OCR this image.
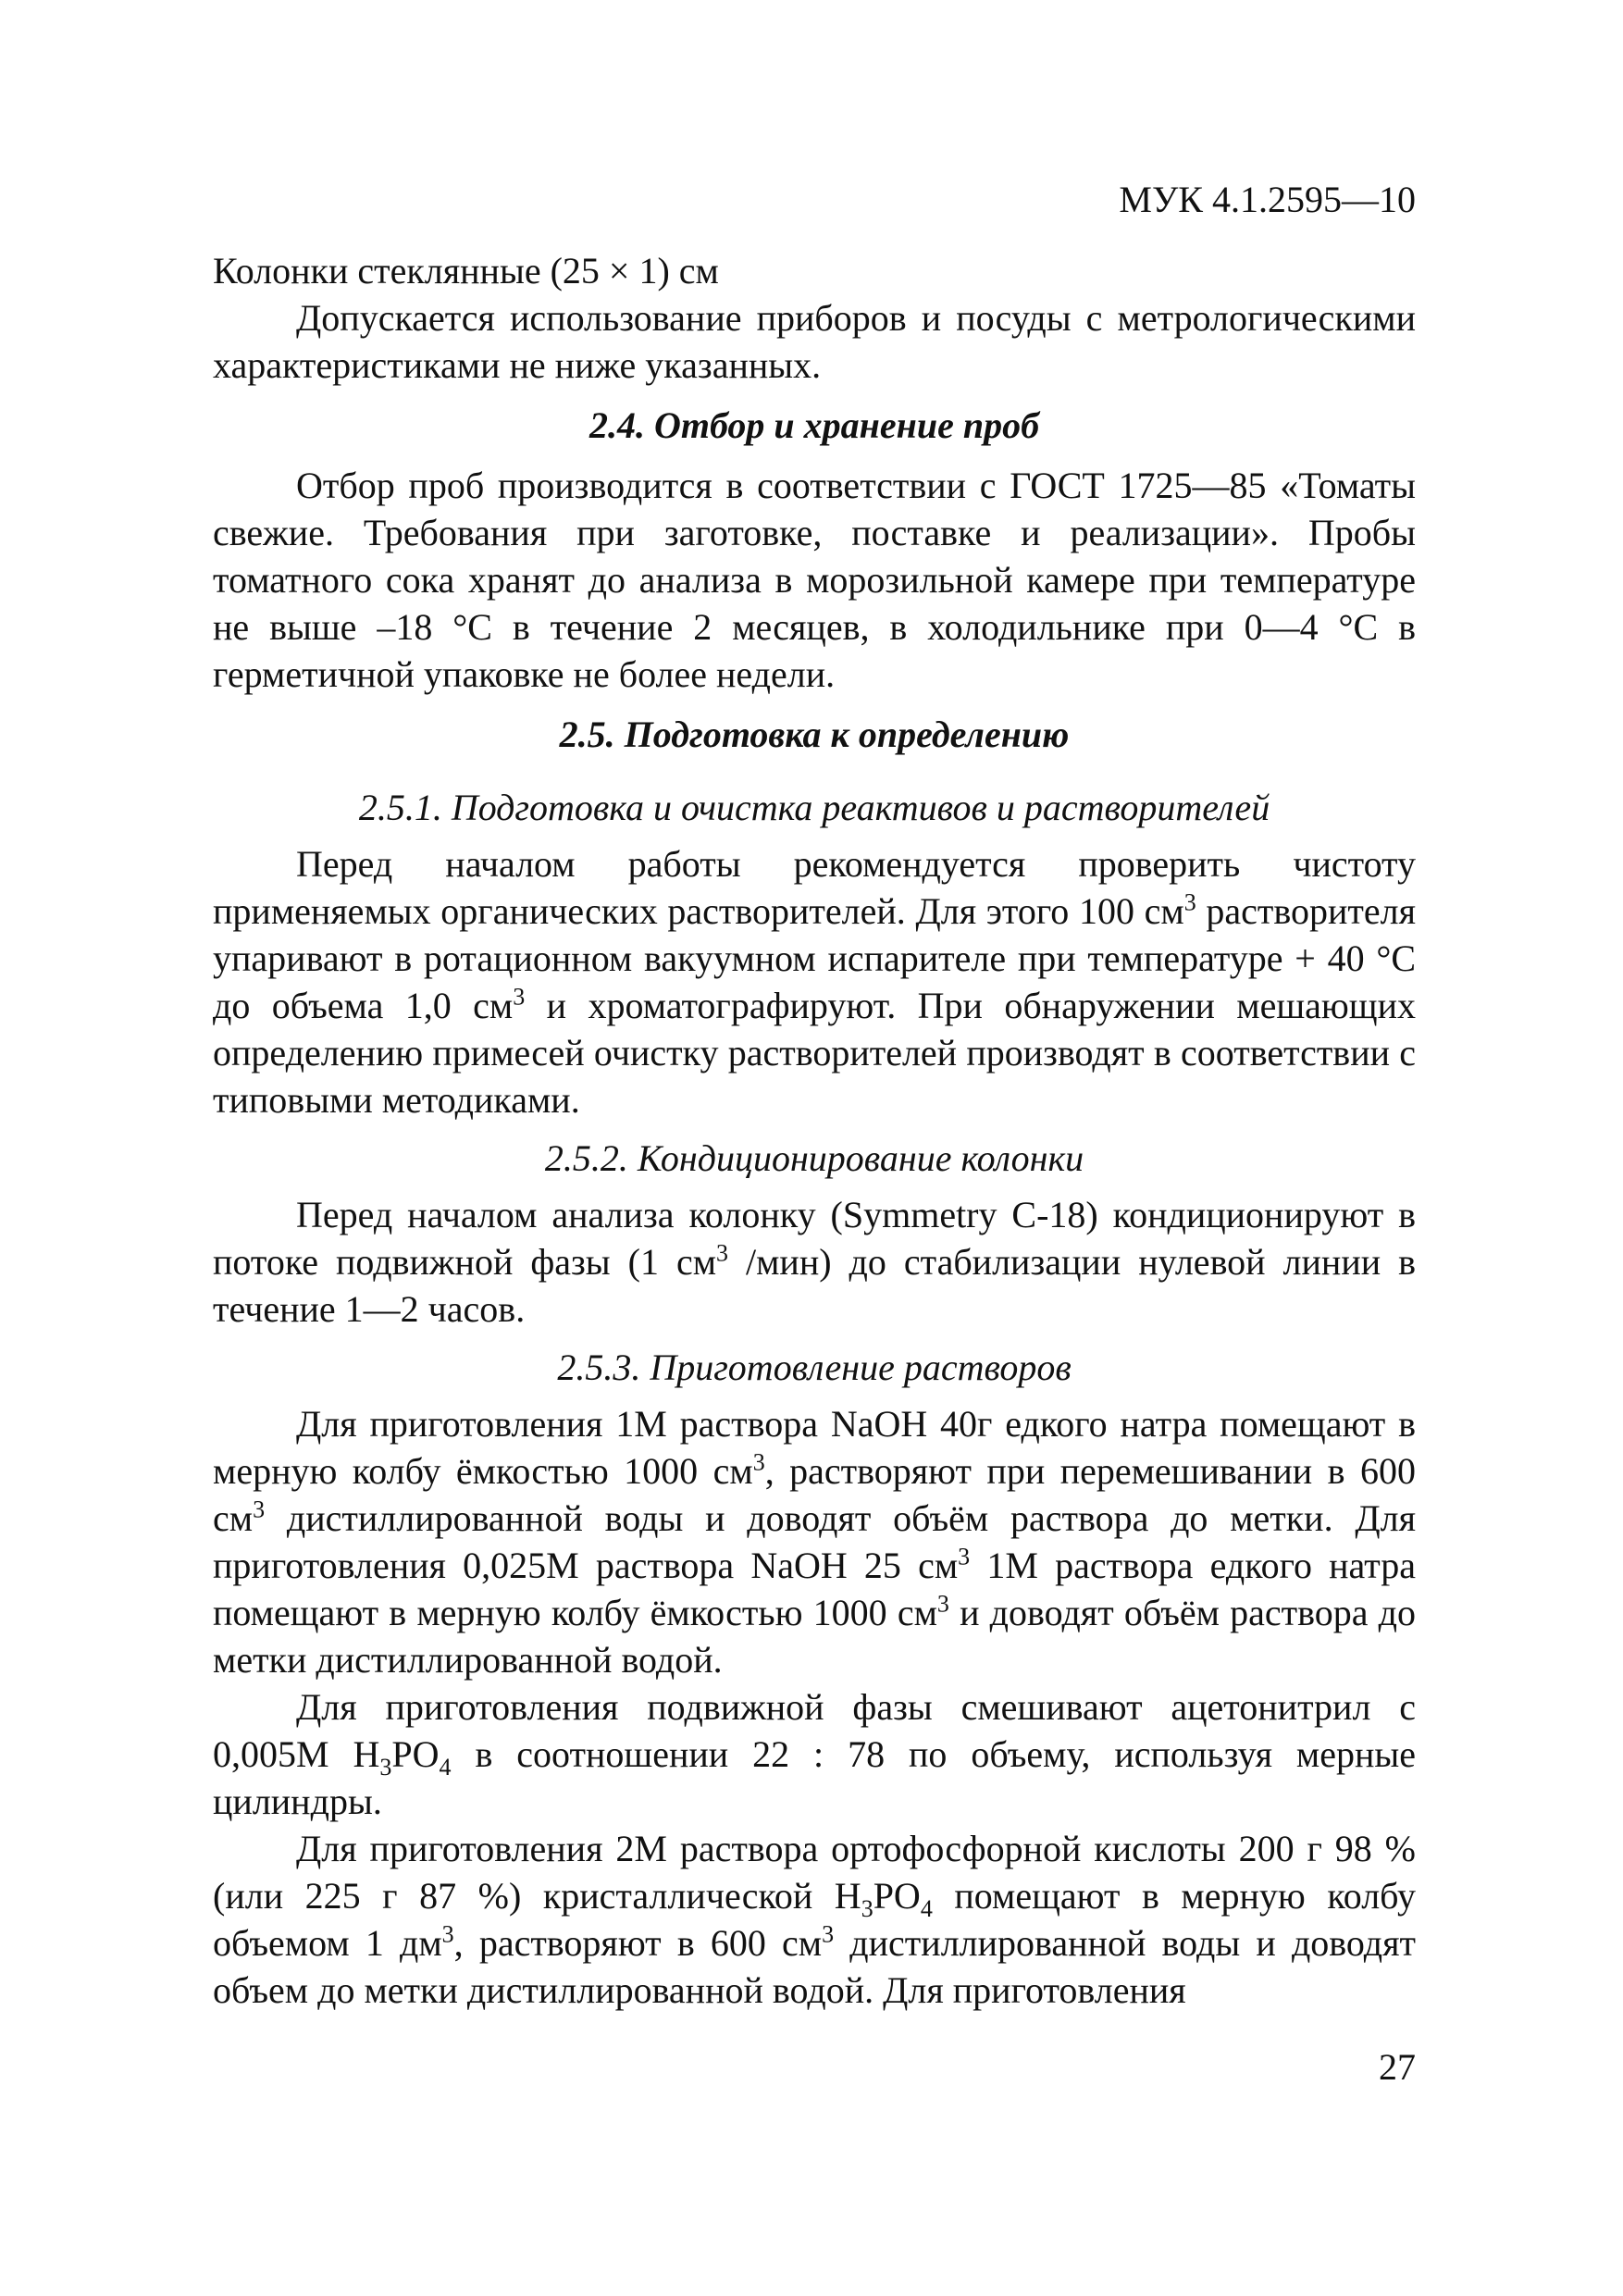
МУК 4.1.2595—10

Колонки стеклянные (25 × 1) см

Допускается использование приборов и посуды с метрологическими характеристиками не ниже указанных.

2.4. Отбор и хранение проб

Отбор проб производится в соответствии с ГОСТ 1725—85 «Томаты свежие. Требования при заготовке, поставке и реализации». Пробы томатного сока хранят до анализа в морозильной камере при температуре не выше –18 °C в течение 2 месяцев, в холодильнике при 0—4 °C в герметичной упаковке не более недели.

2.5. Подготовка к определению

2.5.1. Подготовка и очистка реактивов и растворителей

Перед началом работы рекомендуется проверить чистоту применяемых органических растворителей. Для этого 100 $см^3$ растворителя упаривают в ротационном вакуумном испарителе при температуре + 40 °C до объема 1,0 $см^3$ и хроматографируют. При обнаружении мешающих определению примесей очистку растворителей производят в соответствии с типовыми методиками.

2.5.2. Кондиционирование колонки

Перед началом анализа колонку (Symmetry C-18) кондиционируют в потоке подвижной фазы (1 $см^3$ /мин) до стабилизации нулевой линии в течение 1—2 часов.

2.5.3. Приготовление растворов

Для приготовления 1М раствора NaOH 40г едкого натра помещают в мерную колбу ёмкостью 1000 $см^3$, растворяют при перемешивании в 600 $см^3$ дистиллированной воды и доводят объём раствора до метки. Для приготовления 0,025М раствора NaOH 25 $см^3$ 1М раствора едкого натра помещают в мерную колбу ёмкостью 1000 $см^3$ и доводят объём раствора до метки дистиллированной водой.

Для приготовления подвижной фазы смешивают ацетонитрил с 0,005М $H_3PO_4$ в соотношении 22 : 78 по объему, используя мерные цилиндры.

Для приготовления 2М раствора ортофосфорной кислоты 200 г 98 % (или 225 г 87 %) кристаллической $H_3PO_4$ помещают в мерную колбу объемом 1 $дм^3$, растворяют в 600 $см^3$ дистиллированной воды и доводят объем до метки дистиллированной водой. Для приготовления

27
